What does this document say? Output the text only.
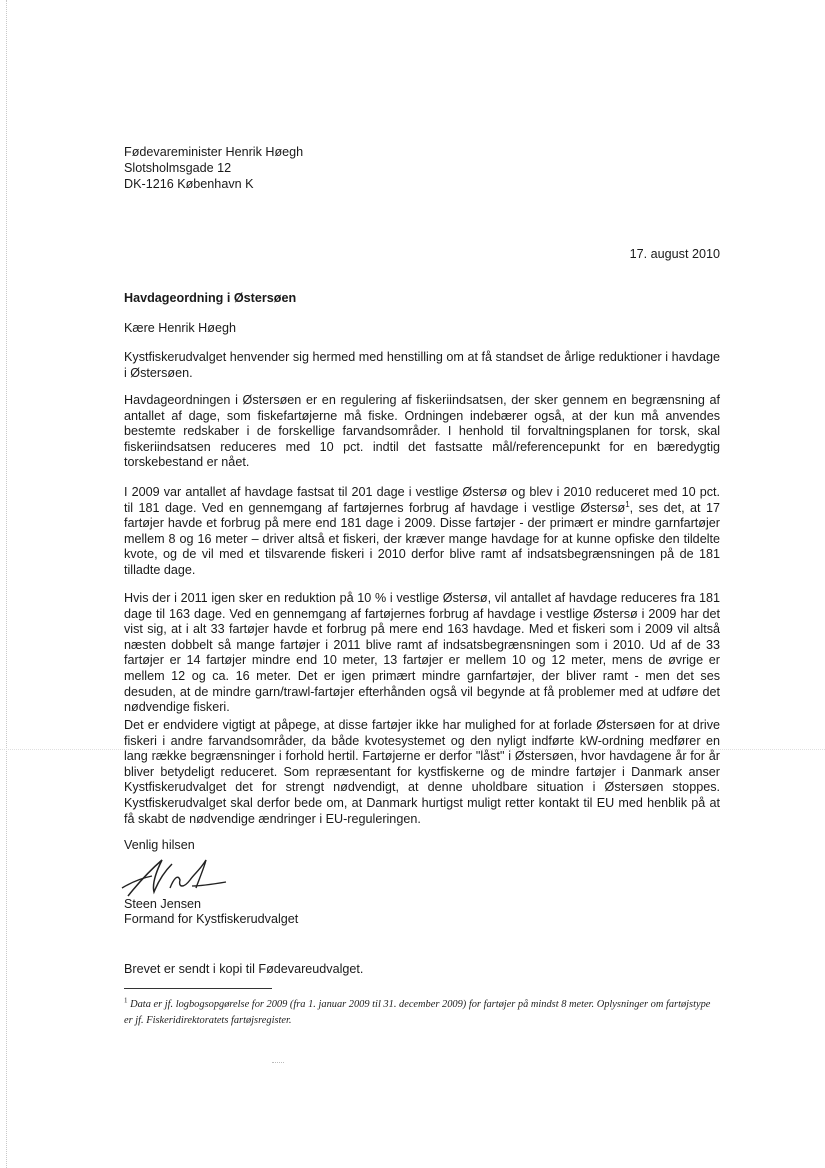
Fødevareminister Henrik Høegh
Slotsholmsgade 12
DK-1216 København K
17. august 2010
Havdageordning i Østersøen
Kære Henrik Høegh
Kystfiskerudvalget henvender sig hermed med henstilling om at få standset de årlige reduktioner i havdage i Østersøen.
Havdageordningen i Østersøen er en regulering af fiskeriindsatsen, der sker gennem en begrænsning af antallet af dage, som fiskefartøjerne må fiske. Ordningen indebærer også, at der kun må anvendes bestemte redskaber i de forskellige farvandsområder. I henhold til forvaltningsplanen for torsk, skal fiskeriindsatsen reduceres med 10 pct. indtil det fastsatte mål/referencepunkt for en bæredygtig torskebestand er nået.
I 2009 var antallet af havdage fastsat til 201 dage i vestlige Østersø og blev i 2010 reduceret med 10 pct. til 181 dage. Ved en gennemgang af fartøjernes forbrug af havdage i vestlige Østersø$^1$, ses det, at 17 fartøjer havde et forbrug på mere end 181 dage i 2009. Disse fartøjer - der primært er mindre garnfartøjer mellem 8 og 16 meter – driver altså et fiskeri, der kræver mange havdage for at kunne opfiske den tildelte kvote, og de vil med et tilsvarende fiskeri i 2010 derfor blive ramt af indsatsbegrænsningen på de 181 tilladte dage.
Hvis der i 2011 igen sker en reduktion på 10 % i vestlige Østersø, vil antallet af havdage reduceres fra 181 dage til 163 dage. Ved en gennemgang af fartøjernes forbrug af havdage i vestlige Østersø i 2009 har det vist sig, at i alt 33 fartøjer havde et forbrug på mere end 163 havdage. Med et fiskeri som i 2009 vil altså næsten dobbelt så mange fartøjer i 2011 blive ramt af indsatsbegrænsningen som i 2010. Ud af de 33 fartøjer er 14 fartøjer mindre end 10 meter, 13 fartøjer er mellem 10 og 12 meter, mens de øvrige er mellem 12 og ca. 16 meter. Det er igen primært mindre garnfartøjer, der bliver ramt - men det ses desuden, at de mindre garn/trawl-fartøjer efterhånden også vil begynde at få problemer med at udføre det nødvendige fiskeri.
Det er endvidere vigtigt at påpege, at disse fartøjer ikke har mulighed for at forlade Østersøen for at drive fiskeri i andre farvandsområder, da både kvotesystemet og den nyligt indførte kW-ordning medfører en lang række begrænsninger i forhold hertil. Fartøjerne er derfor "låst" i Østersøen, hvor havdagene år for år bliver betydeligt reduceret. Som repræsentant for kystfiskerne og de mindre fartøjer i Danmark anser Kystfiskerudvalget det for strengt nødvendigt, at denne uholdbare situation i Østersøen stoppes. Kystfiskerudvalget skal derfor bede om, at Danmark hurtigst muligt retter kontakt til EU med henblik på at få skabt de nødvendige ændringer i EU-reguleringen.
Venlig hilsen
Steen Jensen
Formand for Kystfiskerudvalget
Brevet er sendt i kopi til Fødevareudvalget.
$^1$ Data er jf. logbogsopgørelse for 2009 (fra 1. januar 2009 til 31. december 2009) for fartøjer på mindst 8 meter. Oplysninger om fartøjstype er jf. Fiskeridirektoratets fartøjsregister.
